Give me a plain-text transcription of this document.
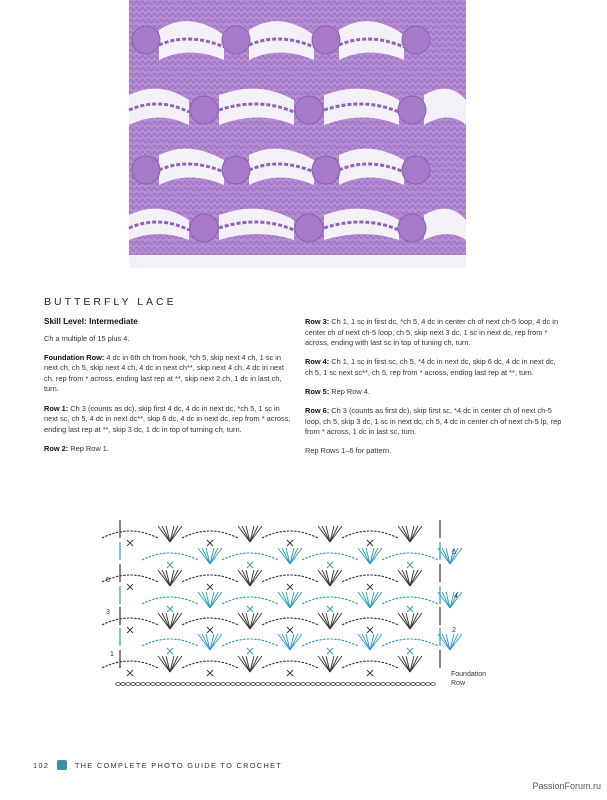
BUTTERFLY LACE

Skill Level: Intermediate

Ch a multiple of 15 plus 4.

Foundation Row: 4 dc in 6th ch from hook, *ch 5, skip next 4 ch, 1 sc in next ch, ch 5, skip next 4 ch, 4 dc in next ch**, skip next 4 ch, 4 dc in next ch, rep from * across, ending last rep at **, skip next 2 ch, 1 dc in last ch, turn.

Row 1: Ch 3 (counts as dc), skip first 4 dc, 4 dc in next dc, *ch 5, 1 sc in next sc, ch 5, 4 dc in next dc**, skip 6 dc, 4 dc in next dc, rep from * across, ending last rep at **, skip 3 dc, 1 dc in top of turning ch, turn.

Row 2: Rep Row 1.

Row 3: Ch 1, 1 sc in first dc, *ch 5, 4 dc in center ch of next ch-5 loop, 4 dc in center ch of next ch-5 loop, ch 5, skip next 3 dc, 1 sc in next dc, rep from * across, ending with last sc in top of tuning ch, turn.

Row 4: Ch 1, 1 sc in first sc, ch 5, *4 dc in next dc, skip 6 dc, 4 dc in next dc, ch 5, 1 sc next sc**, ch 5, rep from * across, ending last rep at **, turn.

Row 5: Rep Row 4.

Row 6: Ch 3 (counts as first dc), skip first sc, *4 dc in center ch of next ch-5 loop, ch 5, skip 3 dc, 1 sc in next dc, ch 5, 4 dc in center ch of next ch-5 lp, rep from * across, 1 dc in last sc, turn.

Rep Rows 1–6 for pattern.

5
3
1
6
4
2
Foundation
Row
102	THE COMPLETE PHOTO GUIDE TO CROCHET
PassionForum.ru
